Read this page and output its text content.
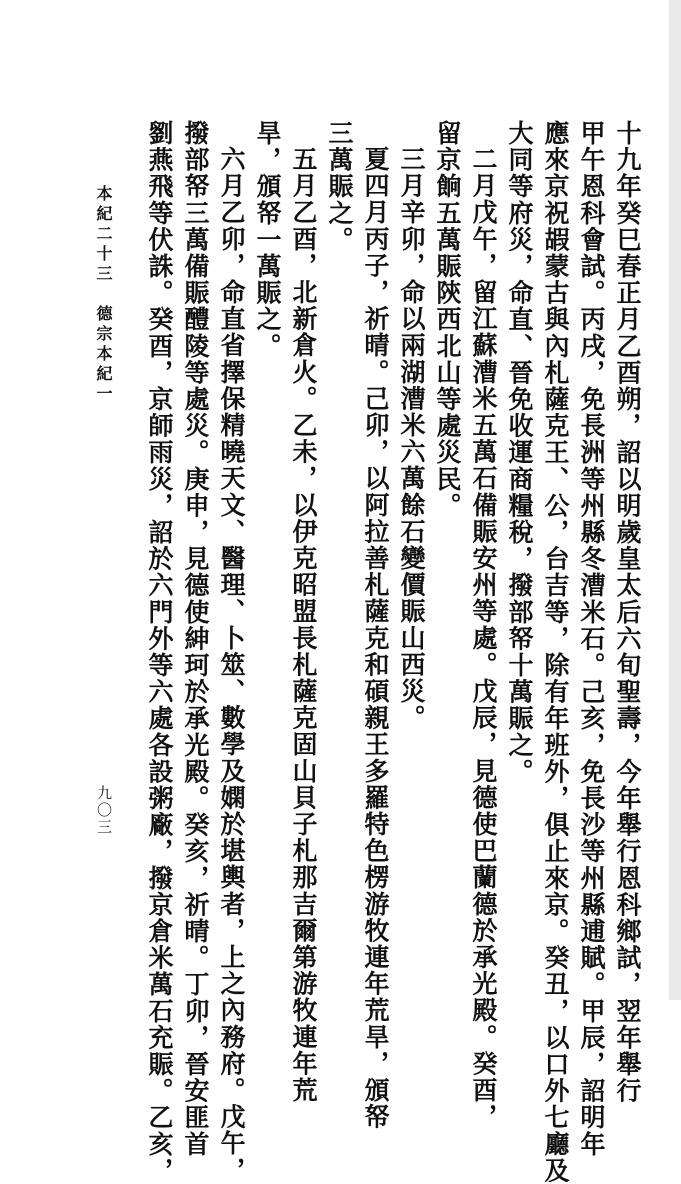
十九年癸巳春正月乙酉朔，詔以明歲皇太后六旬聖壽，今年舉行恩科鄉試，翌年舉行
甲午恩科會試。丙戌，免長洲等州縣冬漕米石。己亥，免長沙等州縣逋賦。甲辰，詔明年
應來京祝嘏蒙古與內札薩克王、公，台吉等，除有年班外，俱止來京。癸丑，以口外七廳及
大同等府災，命直、晉免收運商糧稅，撥部帑十萬賑之。
二月戊午，留江蘇漕米五萬石備賑安州等處。戊辰，見德使巴蘭德於承光殿。癸酉，
留京餉五萬賑陝西北山等處災民。
三月辛卯，命以兩湖漕米六萬餘石變價賑山西災。
夏四月丙子，祈晴。己卯，以阿拉善札薩克和碩親王多羅特色楞游牧連年荒旱，頒帑
三萬賑之。
五月乙酉，北新倉火。乙未，以伊克昭盟長札薩克固山貝子札那吉爾第游牧連年荒
旱，頒帑一萬賑之。
六月乙卯，命直省擇保精曉天文、醫理、卜筮、數學及嫻於堪輿者，上之內務府。戊午，
撥部帑三萬備賑醴陵等處災。庚申，見德使紳珂於承光殿。癸亥，祈晴。丁卯，晉安匪首
劉燕飛等伏誅。癸酉，京師雨災，詔於六門外等六處各設粥廠，撥京倉米萬石充賑。乙亥，
本紀二十三　德宗本紀一
九〇三
